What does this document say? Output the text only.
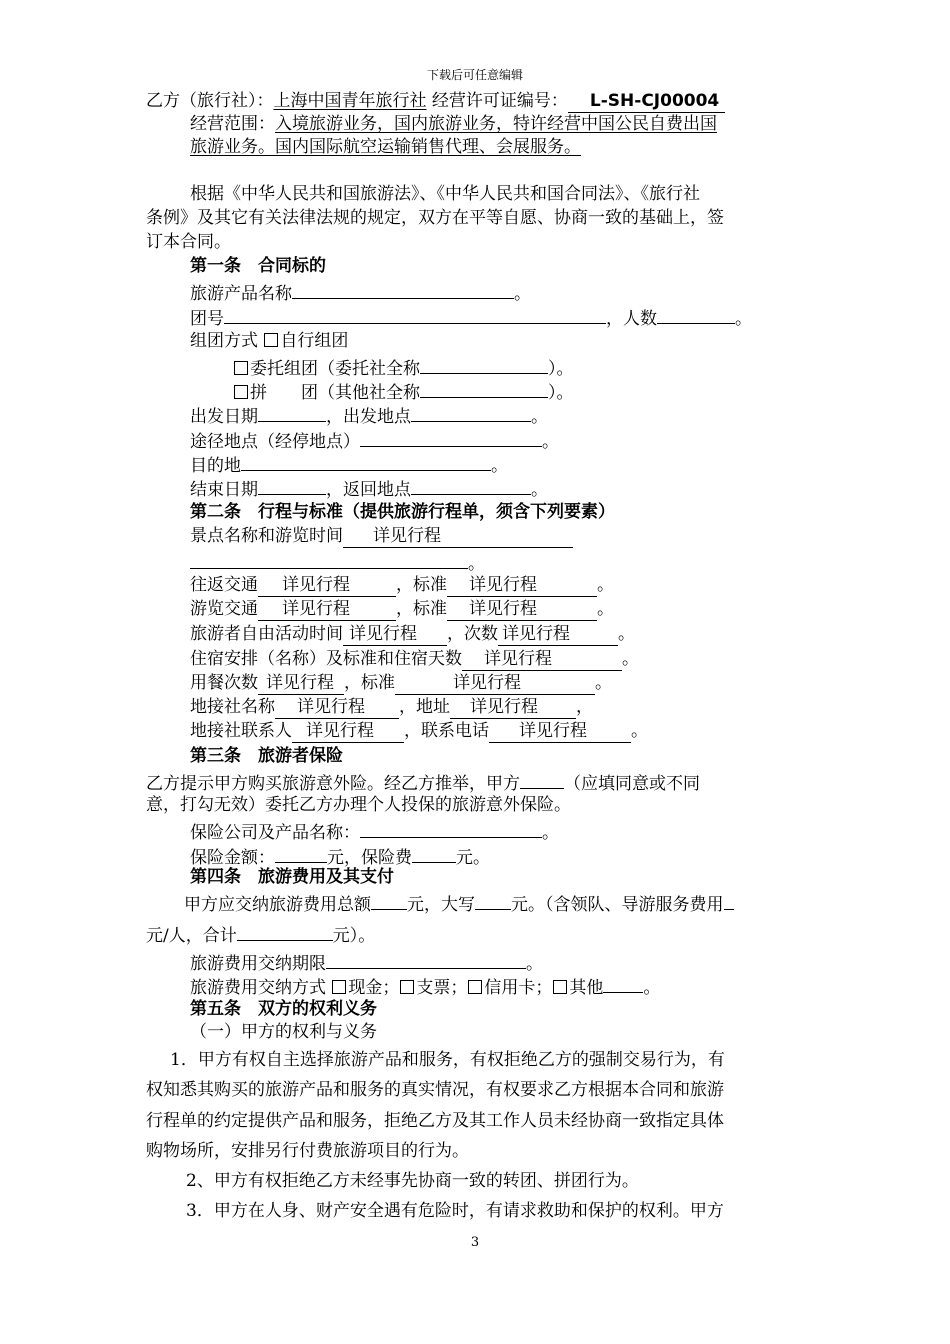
下载后可任意编辑
乙方（旅行社）：上海中国青年旅行社 经营许可证编号： L-SH-CJ00004
经营范围：入境旅游业务，国内旅游业务，特许经营中国公民自费出国
旅游业务。国内国际航空运输销售代理、会展服务。
根据《中华人民共和国旅游法》、《中华人民共和国合同法》、《旅行社
条例》及其它有关法律法规的规定，双方在平等自愿、协商一致的基础上，签
订本合同。
第一条　合同标的
旅游产品名称	。
团号	，人数	。
组团方式 自行组团
委托组团（委托社全称	）。
拼　　团（其他社全称	）。
出发日期	，出发地点	。
途径地点（经停地点）	。
目的地	。
结束日期	，返回地点	。
第二条　行程与标准（提供旅游行程单，须含下列要素）
景点名称和游览时间 详见行程
。
往返交通 详见行程	，标准 详见行程	。
游览交通 详见行程	，标准 详见行程	。
旅游者自由活动时间 详见行程 ，次数 详见行程	。
住宿安排（名称）及标准和住宿天数 详见行程	。
用餐次数 详见行程 ，标准	详见行程	。
地接社名称 详见行程 ，地址 详见行程 ，
地接社联系人 详见行程 ，联系电话 详见行程	。
第三条　旅游者保险
乙方提示甲方购买旅游意外险。经乙方推举，甲方	（应填同意或不同
意，打勾无效）委托乙方办理个人投保的旅游意外保险。
保险公司及产品名称：	。
保险金额：	元，保险费	元。
第四条　旅游费用及其支付
甲方应交纳旅游费用总额 元，大写 元。（含领队、导游服务费用
元/人，合计	元）。
旅游费用交纳期限	。
旅游费用交纳方式 现金； 支票； 信用卡； 其他 。
第五条　双方的权利义务
（一）甲方的权利与义务
1．甲方有权自主选择旅游产品和服务，有权拒绝乙方的强制交易行为，有
权知悉其购买的旅游产品和服务的真实情况，有权要求乙方根据本合同和旅游
行程单的约定提供产品和服务，拒绝乙方及其工作人员未经协商一致指定具体
购物场所，安排另行付费旅游项目的行为。
2、甲方有权拒绝乙方未经事先协商一致的转团、拼团行为。
3．甲方在人身、财产安全遇有危险时，有请求救助和保护的权利。甲方
3
